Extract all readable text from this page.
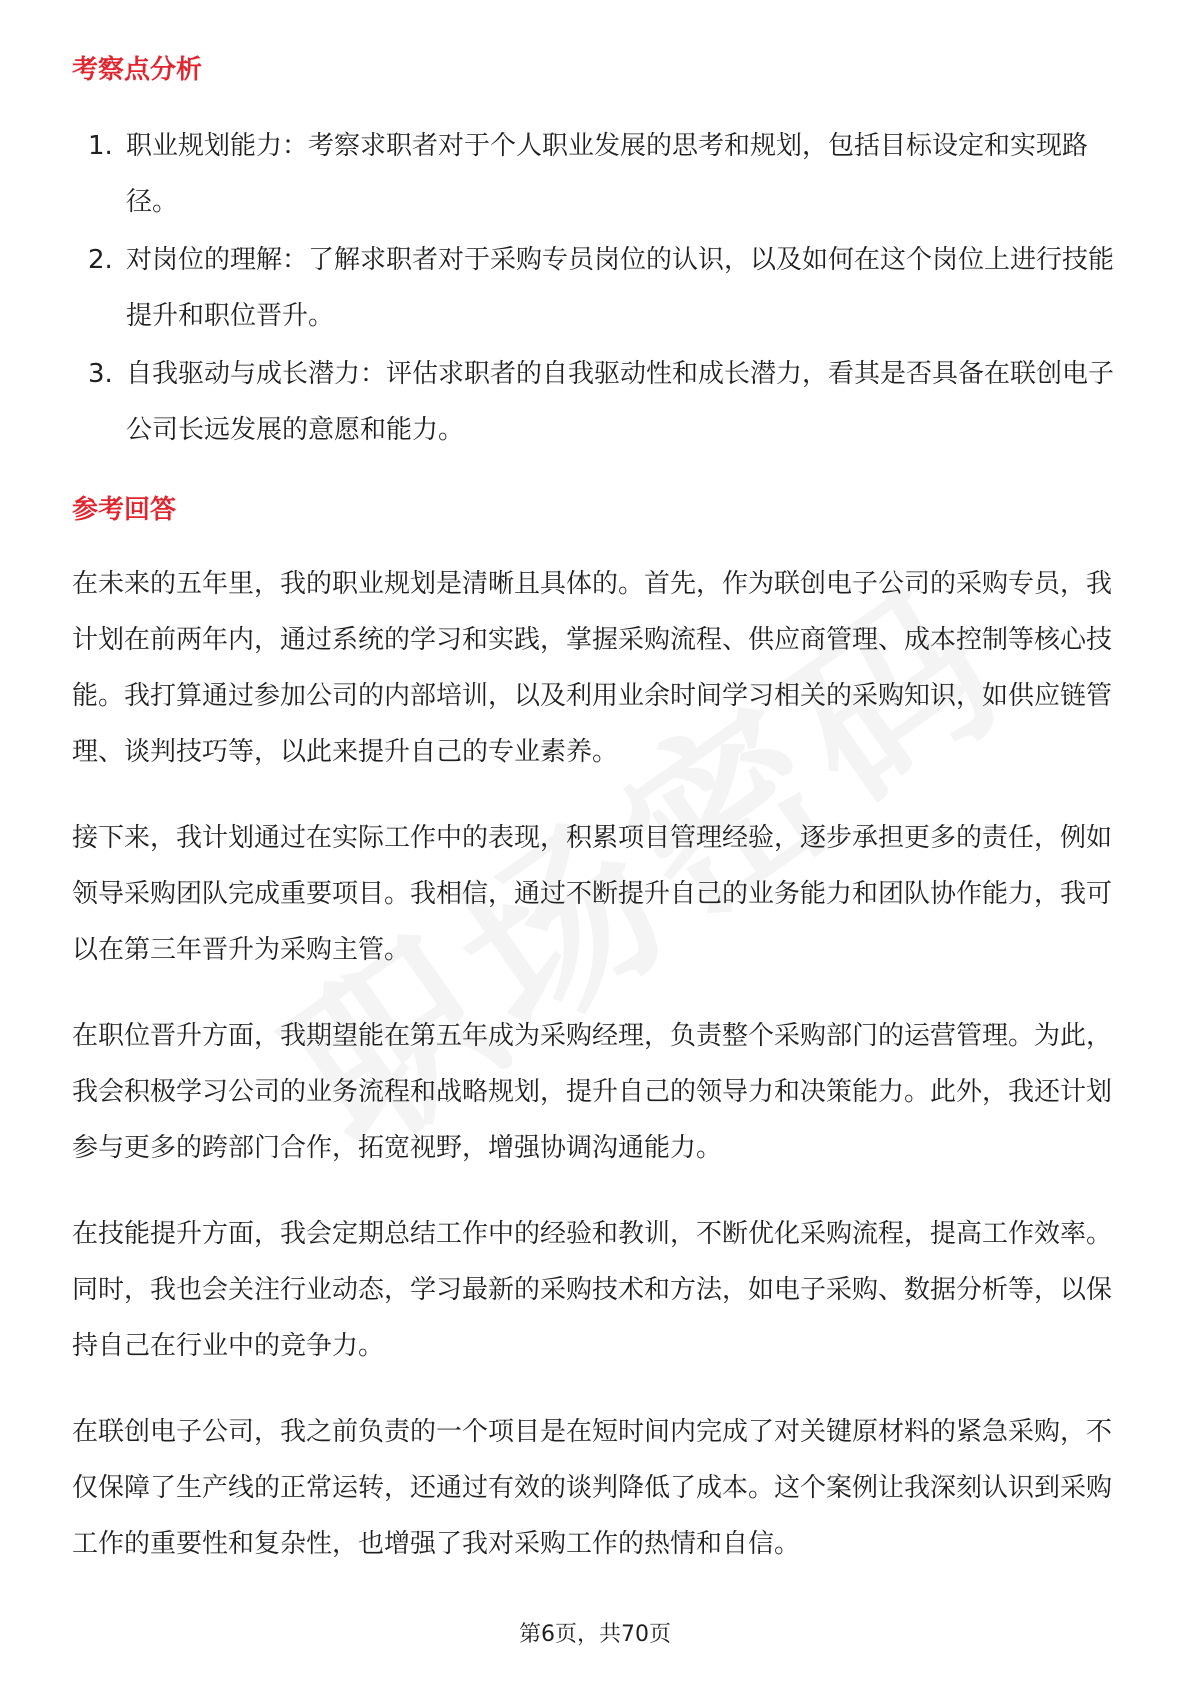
考察点分析
1. 职业规划能力：考察求职者对于个人职业发展的思考和规划，包括目标设定和实现路径。
2. 对岗位的理解：了解求职者对于采购专员岗位的认识，以及如何在这个岗位上进行技能提升和职位晋升。
3. 自我驱动与成长潜力：评估求职者的自我驱动性和成长潜力，看其是否具备在联创电子公司长远发展的意愿和能力。
参考回答

在未来的五年里，我的职业规划是清晰且具体的。首先，作为联创电子公司的采购专员，我计划在前两年内，通过系统的学习和实践，掌握采购流程、供应商管理、成本控制等核心技能。我打算通过参加公司的内部培训，以及利用业余时间学习相关的采购知识，如供应链管理、谈判技巧等，以此来提升自己的专业素养。

接下来，我计划通过在实际工作中的表现，积累项目管理经验，逐步承担更多的责任，例如领导采购团队完成重要项目。我相信，通过不断提升自己的业务能力和团队协作能力，我可以在第三年晋升为采购主管。

在职位晋升方面，我期望能在第五年成为采购经理，负责整个采购部门的运营管理。为此，我会积极学习公司的业务流程和战略规划，提升自己的领导力和决策能力。此外，我还计划参与更多的跨部门合作，拓宽视野，增强协调沟通能力。

在技能提升方面，我会定期总结工作中的经验和教训，不断优化采购流程，提高工作效率。同时，我也会关注行业动态，学习最新的采购技术和方法，如电子采购、数据分析等，以保持自己在行业中的竞争力。

在联创电子公司，我之前负责的一个项目是在短时间内完成了对关键原材料的紧急采购，不仅保障了生产线的正常运转，还通过有效的谈判降低了成本。这个案例让我深刻认识到采购工作的重要性和复杂性，也增强了我对采购工作的热情和自信。

第6页，共70页
